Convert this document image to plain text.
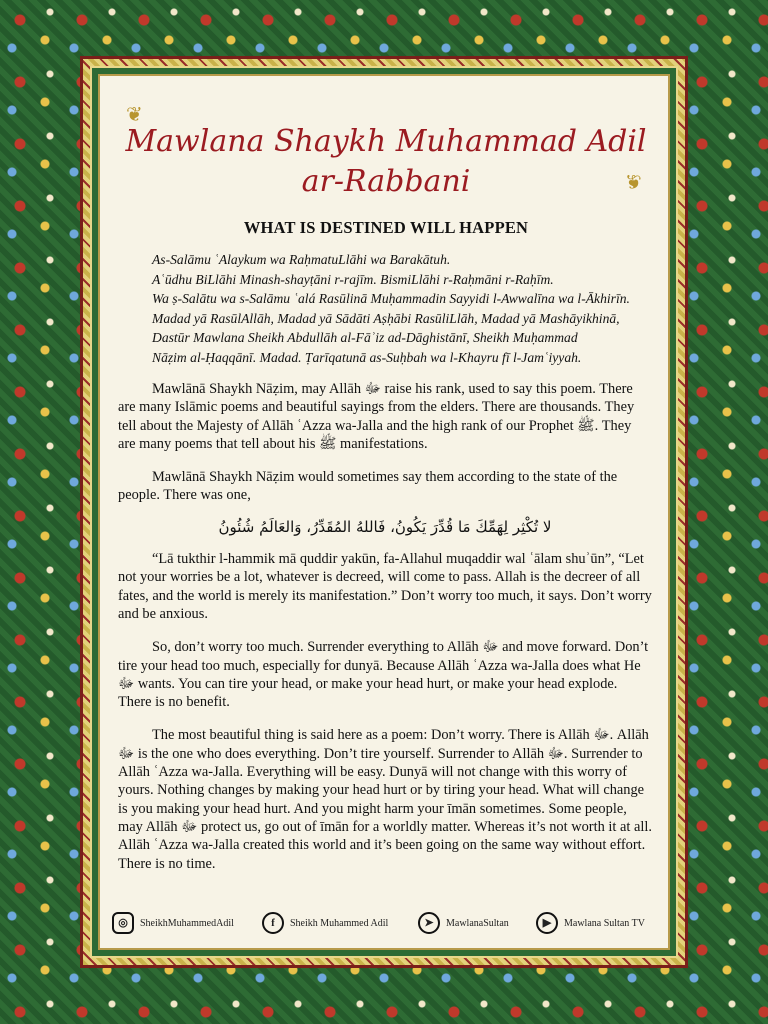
❦
❦
Mawlana Shaykh Muhammad Adil
ar-Rabbani
WHAT IS DESTINED WILL HAPPEN
As-Salāmu ʿAlaykum wa RaḥmatuLlāhi wa Barakātuh.
Aʿūdhu BiLlāhi Minash-shayṭāni r-rajīm. BismiLlāhi r-Raḥmāni r-Raḥīm.
Wa ṣ-Salātu wa s-Salāmu ʿalá Rasūlinā Muḥammadin Sayyidi l-Awwalīna wa l-Ākhirīn.
Madad yā RasūlAllāh, Madad yā Sādāti Aṣḥābi RasūliLlāh, Madad yā Mashāyikhinā,
Dastūr Mawlana Sheikh Abdullāh al-Fāʾiz ad-Dāghistānī, Sheikh Muḥammad
Nāẓim al-Ḥaqqānī. Madad. Ṭarīqatunā as-Suḥbah wa l-Khayru fī l-Jamʿiyyah.

Mawlānā Shaykh Nāẓim, may Allāh ﷻ raise his rank, used to say this poem. There are many Islāmic poems and beautiful sayings from the elders. There are thousands. They tell about the Majesty of Allāh ʿAzza wa-Jalla and the high rank of our Prophet ﷺ. They are many poems that tell about his ﷺ manifestations.

Mawlānā Shaykh Nāẓim would sometimes say them according to the state of the people. There was one,

لا تُكْثِر لِهَمِّكَ مَا قُدِّرَ يَكُونُ، فَاللهُ المُقَدِّرُ، وَالعَالَمُ شُئُونُ

“Lā tukthir l-hammik mā quddir yakūn, fa-Allahul muqaddir wal ʿālam shuʾūn”, “Let not your worries be a lot, whatever is decreed, will come to pass. Allah is the decreer of all fates, and the world is merely its manifestation.” Don’t worry too much, it says. Don’t worry and be anxious.

So, don’t worry too much. Surrender everything to Allāh ﷻ and move forward. Don’t tire your head too much, especially for dunyā. Because Allāh ʿAzza wa-Jalla does what He ﷻ wants. You can tire your head, or make your head hurt, or make your head explode. There is no benefit.

The most beautiful thing is said here as a poem: Don’t worry. There is Allāh ﷻ. Allāh ﷻ is the one who does everything. Don’t tire yourself. Surrender to Allāh ﷻ. Surrender to Allāh ʿAzza wa-Jalla. Everything will be easy. Dunyā will not change with this worry of yours. Nothing changes by making your head hurt or by tiring your head. What will change is you making your head hurt. And you might harm your īmān sometimes. Some people, may Allāh ﷻ protect us, go out of īmān for a worldly matter. Whereas it’s not worth it at all. Allāh ʿAzza wa-Jalla created this world and it’s been going on the same way without effort. There is no time.

◎	SheikhMuhammedAdil	f	Sheikh Muhammed Adil	➤	MawlanaSultan	▶	Mawlana Sultan TV
